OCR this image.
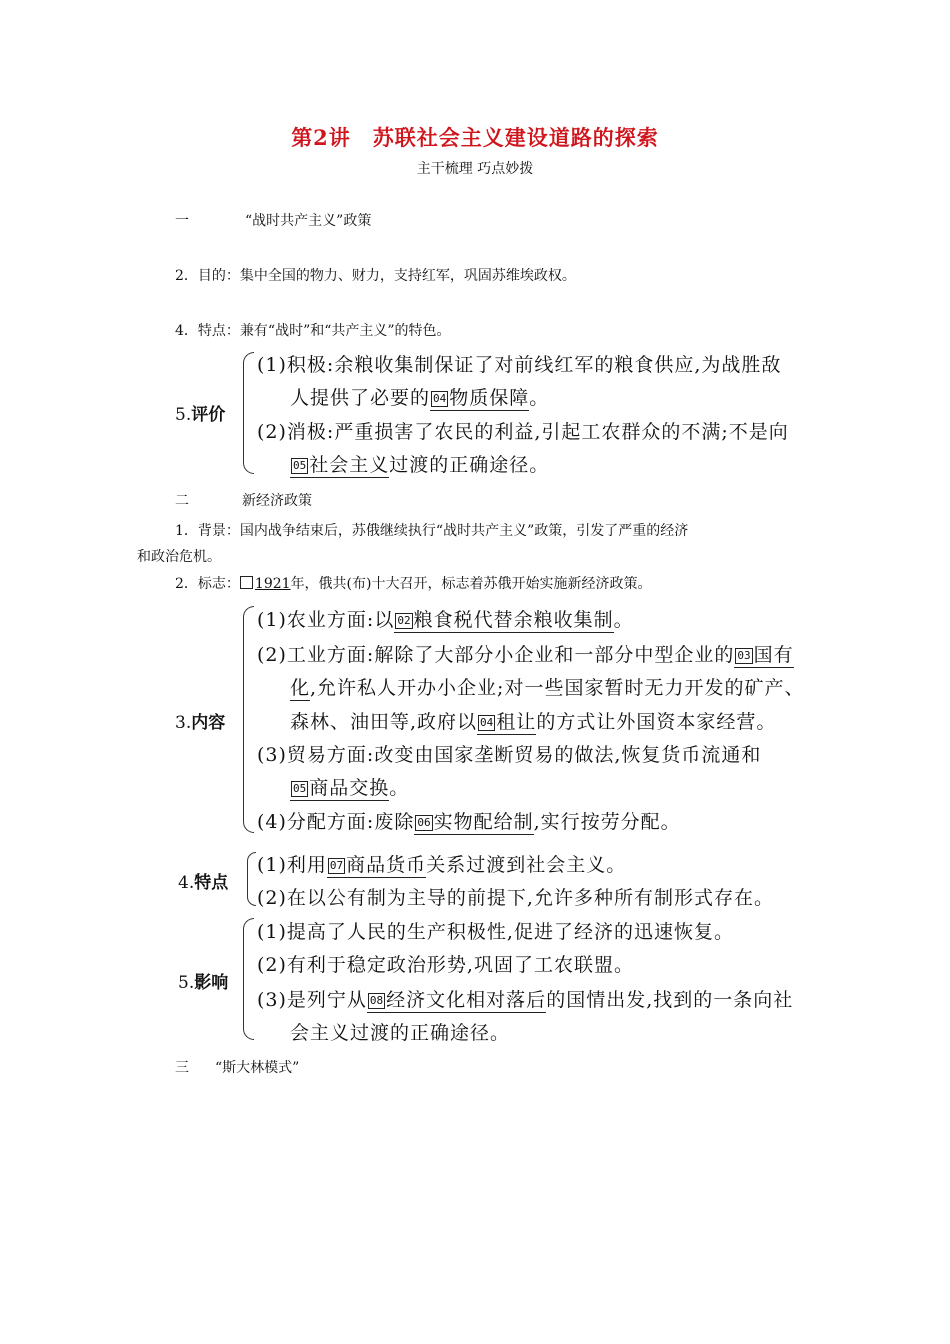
第2讲　苏联社会主义建设道路的探索
主干梳理 巧点妙拨
一	“战时共产主义”政策
2．目的：集中全国的物力、财力，支持红军，巩固苏维埃政权。
4．特点：兼有“战时”和“共产主义”的特色。
5.评价
(1)积极:余粮收集制保证了对前线红军的粮食供应,为战胜敌
人提供了必要的 04 物质保障。
(2)消极:严重损害了农民的利益,引起工农群众的不满;不是向
05 社会主义过渡的正确途径。
二	新经济政策
1．背景：国内战争结束后，苏俄继续执行“战时共产主义”政策，引发了严重的经济
和政治危机。
2．标志： 1921年，俄共(布)十大召开，标志着苏俄开始实施新经济政策。
3.内容
(1)农业方面:以 02 粮食税代替余粮收集制。
(2)工业方面:解除了大部分小企业和一部分中型企业的 03 国有
化,允许私人开办小企业;对一些国家暂时无力开发的矿产、
森林、油田等,政府以 04 租让的方式让外国资本家经营。
(3)贸易方面:改变由国家垄断贸易的做法,恢复货币流通和
05 商品交换。
(4)分配方面:废除 06 实物配给制,实行按劳分配。
4.特点
(1)利用 07 商品货币关系过渡到社会主义。
(2)在以公有制为主导的前提下,允许多种所有制形式存在。
5.影响
(1)提高了人民的生产积极性,促进了经济的迅速恢复。
(2)有利于稳定政治形势,巩固了工农联盟。
(3)是列宁从 08 经济文化相对落后的国情出发,找到的一条向社
会主义过渡的正确途径。
三 “斯大林模式”
